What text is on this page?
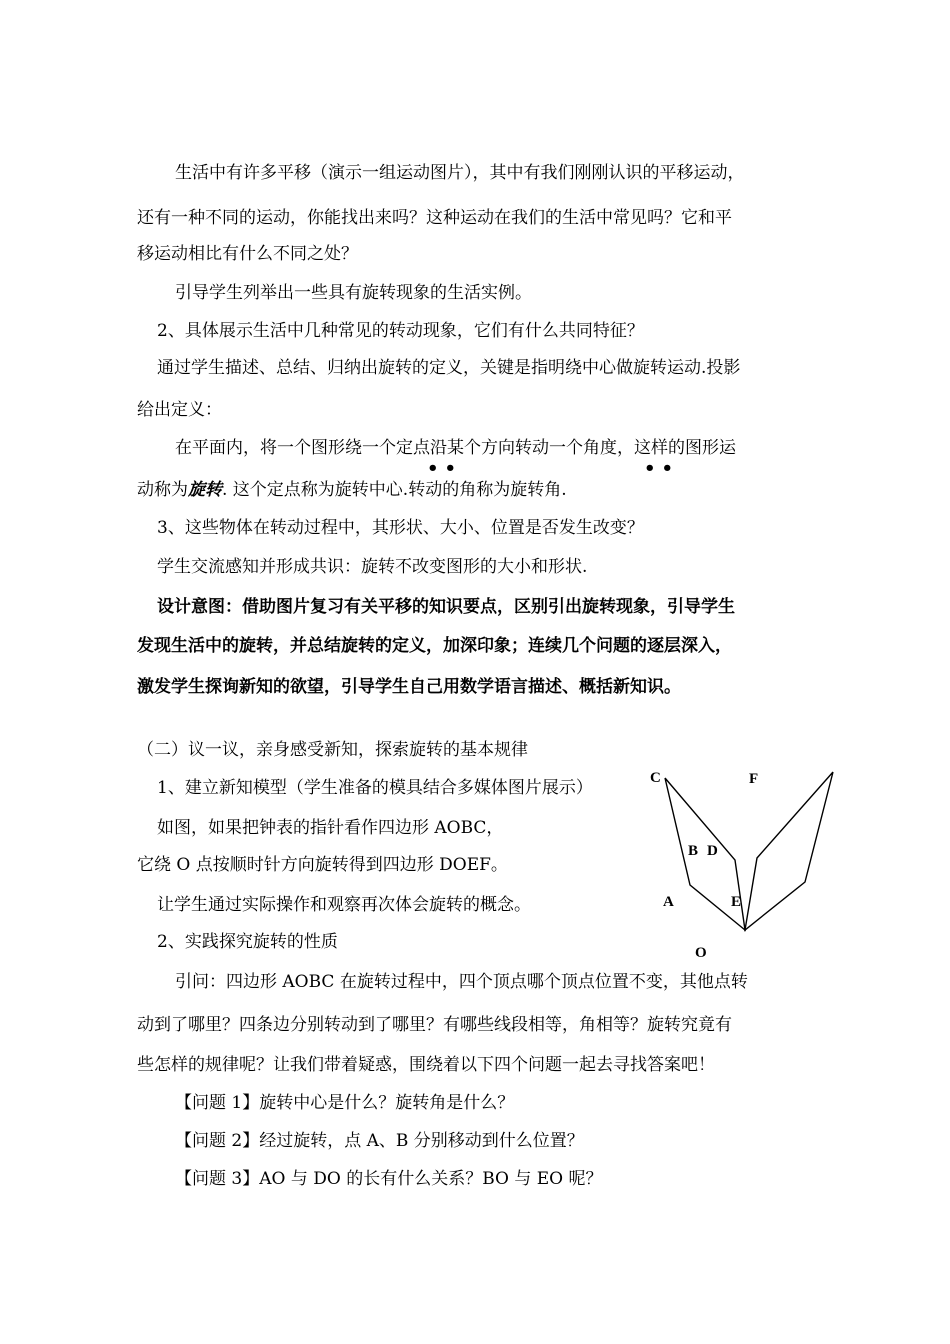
生活中有许多平移（演示一组运动图片），其中有我们刚刚认识的平移运动，
还有一种不同的运动，你能找出来吗？这种运动在我们的生活中常见吗？它和平
移运动相比有什么不同之处？
引导学生列举出一些具有旋转现象的生活实例。
2、具体展示生活中几种常见的转动现象，它们有什么共同特征？
通过学生描述、总结、归纳出旋转的定义，关键是指明绕中心做旋转运动.投影
给出定义：
在平面内，将一个图形绕一个定点沿某个方向转动一个角度，这样的图形运
••	••
动称为旋转. 这个定点称为旋转中心.转动的角称为旋转角.
3、这些物体在转动过程中，其形状、大小、位置是否发生改变？
学生交流感知并形成共识：旋转不改变图形的大小和形状.
设计意图：借助图片复习有关平移的知识要点，区别引出旋转现象，引导学生
发现生活中的旋转，并总结旋转的定义，加深印象；连续几个问题的逐层深入，
激发学生探询新知的欲望，引导学生自己用数学语言描述、概括新知识。
（二）议一议，亲身感受新知，探索旋转的基本规律
1、建立新知模型（学生准备的模具结合多媒体图片展示）
如图，如果把钟表的指针看作四边形 AOBC，
它绕 O 点按顺时针方向旋转得到四边形 DOEF。
让学生通过实际操作和观察再次体会旋转的概念。
2、实践探究旋转的性质
引问：四边形 AOBC 在旋转过程中，四个顶点哪个顶点位置不变，其他点转
动到了哪里？四条边分别转动到了哪里？有哪些线段相等，角相等？旋转究竟有
些怎样的规律呢？让我们带着疑惑，围绕着以下四个问题一起去寻找答案吧！
【问题 1】旋转中心是什么？旋转角是什么？
【问题 2】经过旋转，点 A、B 分别移动到什么位置？
【问题 3】AO 与 DO 的长有什么关系？BO 与 EO 呢？
C	F
B D
A	E
O
